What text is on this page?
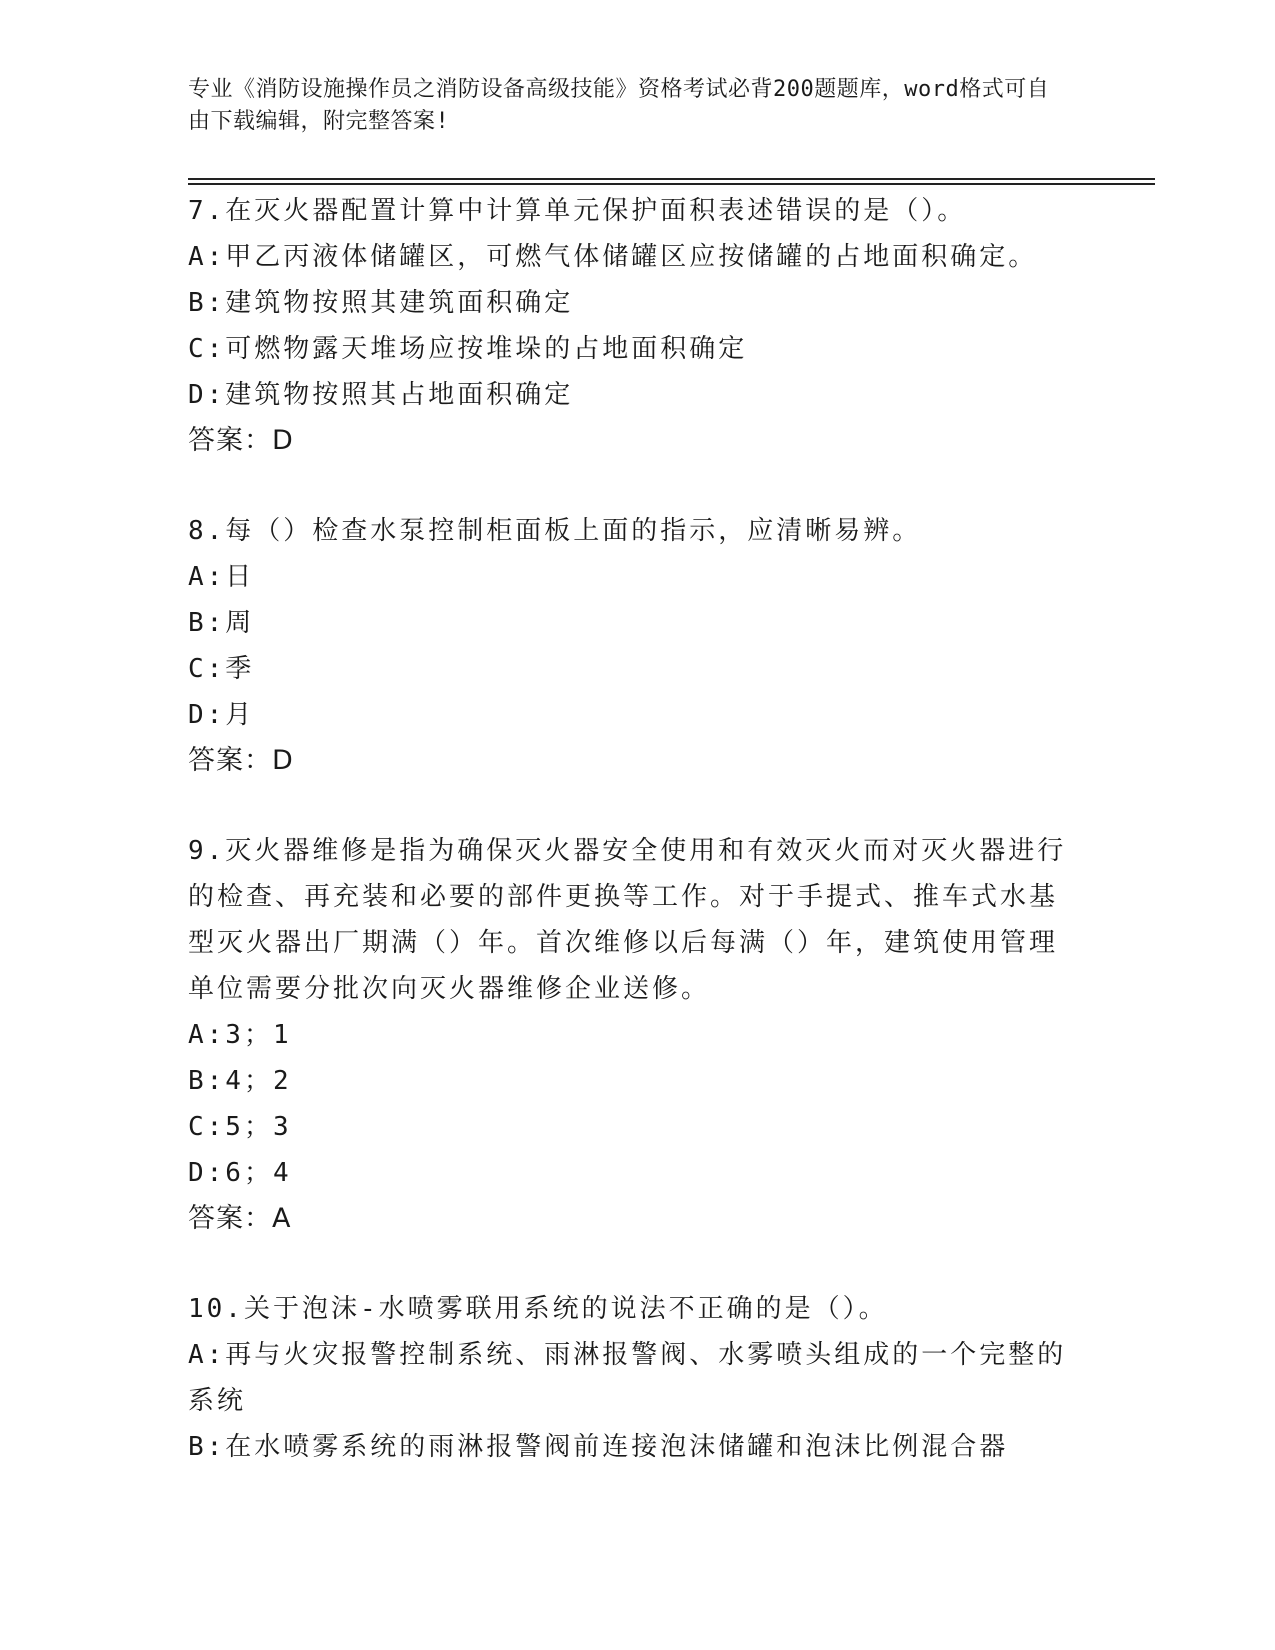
专业《消防设施操作员之消防设备高级技能》资格考试必背200题题库，word格式可自由下载编辑，附完整答案!

7.在灭火器配置计算中计算单元保护面积表述错误的是（）。

A:甲乙丙液体储罐区，可燃气体储罐区应按储罐的占地面积确定。

B:建筑物按照其建筑面积确定

C:可燃物露天堆场应按堆垛的占地面积确定

D:建筑物按照其占地面积确定

答案：D

8.每（）检查水泵控制柜面板上面的指示，应清晰易辨。

A:日

B:周

C:季

D:月

答案：D

9.灭火器维修是指为确保灭火器安全使用和有效灭火而对灭火器进行的检查、再充装和必要的部件更换等工作。对于手提式、推车式水基型灭火器出厂期满（）年。首次维修以后每满（）年，建筑使用管理单位需要分批次向灭火器维修企业送修。

A:3；1

B:4；2

C:5；3

D:6；4

答案：A

10.关于泡沫-水喷雾联用系统的说法不正确的是（）。

A:再与火灾报警控制系统、雨淋报警阀、水雾喷头组成的一个完整的系统

B:在水喷雾系统的雨淋报警阀前连接泡沫储罐和泡沫比例混合器
